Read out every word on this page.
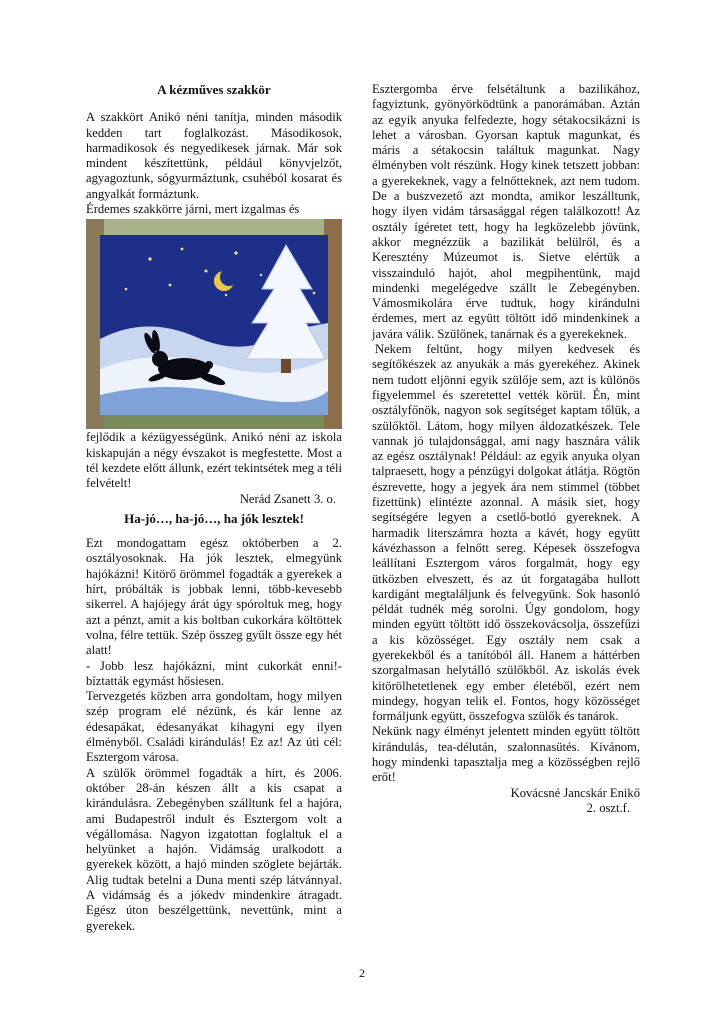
A kézműves szakkör

A szakkört Anikó néni tanítja, minden második kedden tart foglalkozást. Másodikosok, harmadikosok és negyedikesek járnak. Már sok mindent készítettünk, például könyvjelzőt, agyagoztunk, sógyurmáztunk, csuhéból kosarat és angyalkát formáztunk.

Érdemes szakkörre járni, mert izgalmas és

fejlődik a kézügyességünk. Anikó néni az iskola kiskapuján a négy évszakot is megfestette. Most a tél kezdete előtt állunk, ezért tekintsétek meg a téli felvételt!

Nerád Zsanett 3. o.

Ha-jó…, ha-jó…, ha jók lesztek!

Ezt mondogattam egész októberben a 2. osztályosoknak. Ha jók lesztek, elmegyünk hajókázni! Kitörő örömmel fogadták a gyerekek a hírt, próbálták is jobbak lenni, több-kevesebb sikerrel. A hajójegy árát úgy spóroltuk meg, hogy azt a pénzt, amit a kis boltban cukorkára költöttek volna, félre tettük. Szép összeg gyűlt össze egy hét alatt!

- Jobb lesz hajókázni, mint cukorkát enni!- bíztatták egymást hősiesen.

Tervezgetés közben arra gondoltam, hogy milyen szép program elé nézünk, és kár lenne az édesapákat, édesanyákat kihagyni egy ilyen élményből. Családi kirándulás! Ez az! Az úti cél: Esztergom városa.

A szülők örömmel fogadták a hírt, és 2006. október 28-án készen állt a kis csapat a kirándulásra. Zebegényben szálltunk fel a hajóra, ami Budapestről indult és Esztergom volt a végállomása. Nagyon izgatottan foglaltuk el a helyünket a hajón. Vidámság uralkodott a gyerekek között, a hajó minden szöglete bejárták. Alig tudtak betelni a Duna menti szép látvánnyal. A vidámság és a jókedv mindenkire átragadt. Egész úton beszélgettünk, nevettünk, mint a gyerekek.

Esztergomba érve felsétáltunk a bazilikához, fagyiztunk, gyönyörködtünk a panorámában. Aztán az egyik anyuka felfedezte, hogy sétakocsikázni is lehet a városban. Gyorsan kaptuk magunkat, és máris a sétakocsin találtuk magunkat. Nagy élményben volt részünk. Hogy kinek tetszett jobban: a gyerekeknek, vagy a felnőtteknek, azt nem tudom. De a buszvezető azt mondta, amikor leszálltunk, hogy ilyen vidám társasággal régen találkozott! Az osztály ígéretet tett, hogy ha legközelebb jövünk, akkor megnézzük a bazilikát belülről, és a Keresztény Múzeumot is. Sietve elértük a visszainduló hajót, ahol megpihentünk, majd mindenki megelégedve szállt le Zebegényben. Vámosmikolára érve tudtuk, hogy kirándulni érdemes, mert az együtt töltött idő mindenkinek a javára válik. Szülőnek, tanárnak és a gyerekeknek.

Nekem feltűnt, hogy milyen kedvesek és segítőkészek az anyukák a más gyerekéhez. Akinek nem tudott eljönni egyik szülője sem, azt is különös figyelemmel és szeretettel vették körül. Én, mint osztályfőnök, nagyon sok segítséget kaptam tőlük, a szülőktől. Látom, hogy milyen áldozatkészek. Tele vannak jó tulajdonsággal, ami nagy hasznára válik az egész osztálynak! Például: az egyik anyuka olyan talpraesett, hogy a pénzügyi dolgokat átlátja. Rögtön észrevette, hogy a jegyek ára nem stimmel (többet fizettünk) elintézte azonnal. A másik siet, hogy segítségére legyen a csetlő-botló gyereknek. A harmadik literszámra hozta a kávét, hogy együtt kávézhasson a felnőtt sereg. Képesek összefogva leállítani Esztergom város forgalmát, hogy egy ütközben elveszett, és az út forgatagába hullott kardigánt megtaláljunk és felvegyünk. Sok hasonló példát tudnék még sorolni. Úgy gondolom, hogy minden együtt töltött idő összekovácsolja, összefűzi a kis közösséget. Egy osztály nem csak a gyerekekből és a tanítóból áll. Hanem a háttérben szorgalmasan helytálló szülőkből. Az iskolás évek kitörölhetetlenek egy ember életéből, ezért nem mindegy, hogyan telik el. Fontos, hogy közösséget formáljunk együtt, összefogva szülők és tanárok.

Nekünk nagy élményt jelentett minden együtt töltött kirándulás, tea-délután, szalonnasütés. Kívánom, hogy mindenki tapasztalja meg a közösségben rejlő erőt!

Kovácsné Jancskár Enikő

2. oszt.f.

2
